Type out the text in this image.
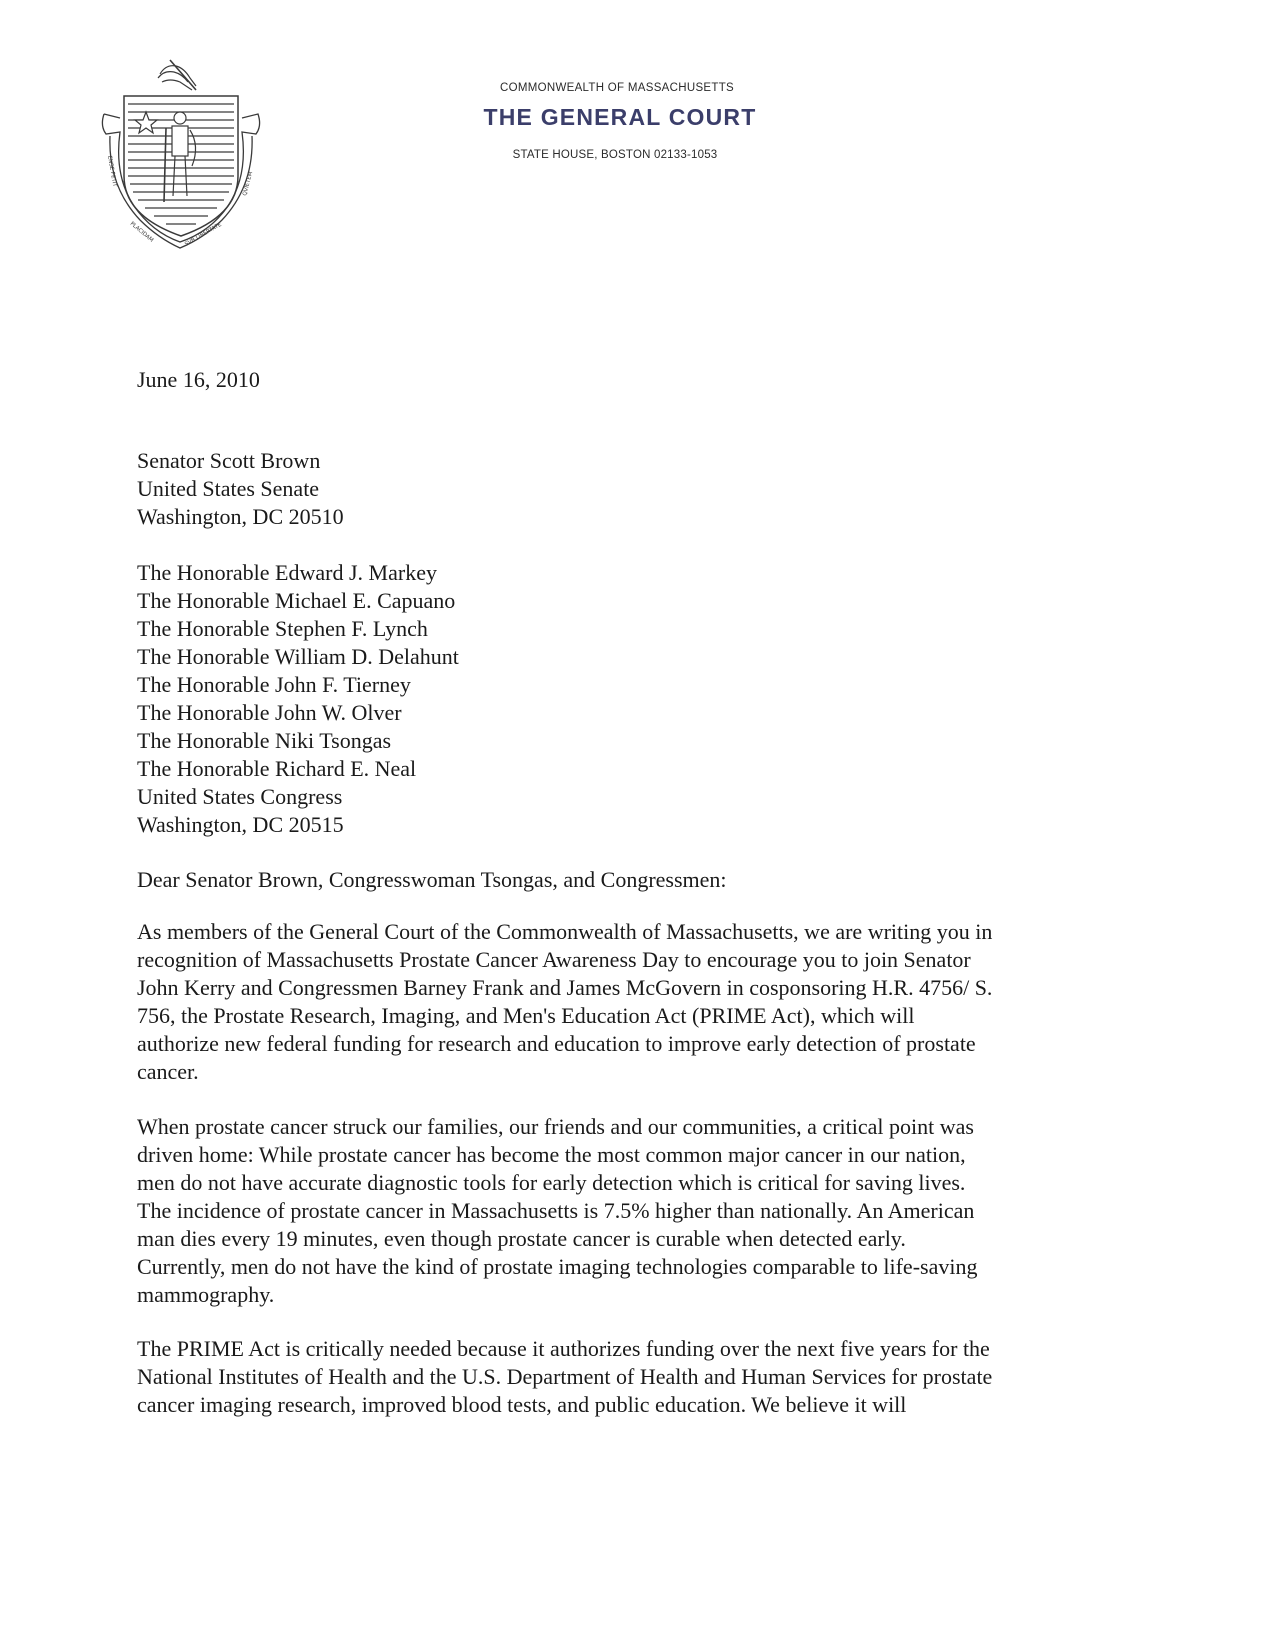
ENSE PETIT
PLACIDAM	SVB LIBERTATE
QVIETEM
COMMONWEALTH OF MASSACHUSETTS
THE GENERAL COURT
STATE HOUSE, BOSTON 02133-1053
June 16, 2010
Senator Scott Brown
United States Senate
Washington, DC 20510
The Honorable Edward J. Markey
The Honorable Michael E. Capuano
The Honorable Stephen F. Lynch
The Honorable William D. Delahunt
The Honorable John F. Tierney
The Honorable John W. Olver
The Honorable Niki Tsongas
The Honorable Richard E. Neal
United States Congress
Washington, DC 20515
Dear Senator Brown, Congresswoman Tsongas, and Congressmen:
As members of the General Court of the Commonwealth of Massachusetts, we are writing you in
recognition of Massachusetts Prostate Cancer Awareness Day to encourage you to join Senator
John Kerry and Congressmen Barney Frank and James McGovern in cosponsoring H.R. 4756/ S.
756, the Prostate Research, Imaging, and Men's Education Act (PRIME Act), which will
authorize new federal funding for research and education to improve early detection of prostate
cancer.
When prostate cancer struck our families, our friends and our communities, a critical point was
driven home: While prostate cancer has become the most common major cancer in our nation,
men do not have accurate diagnostic tools for early detection which is critical for saving lives.
The incidence of prostate cancer in Massachusetts is 7.5% higher than nationally. An American
man dies every 19 minutes, even though prostate cancer is curable when detected early.
Currently, men do not have the kind of prostate imaging technologies comparable to life-saving
mammography.
The PRIME Act is critically needed because it authorizes funding over the next five years for the
National Institutes of Health and the U.S. Department of Health and Human Services for prostate
cancer imaging research, improved blood tests, and public education. We believe it will
